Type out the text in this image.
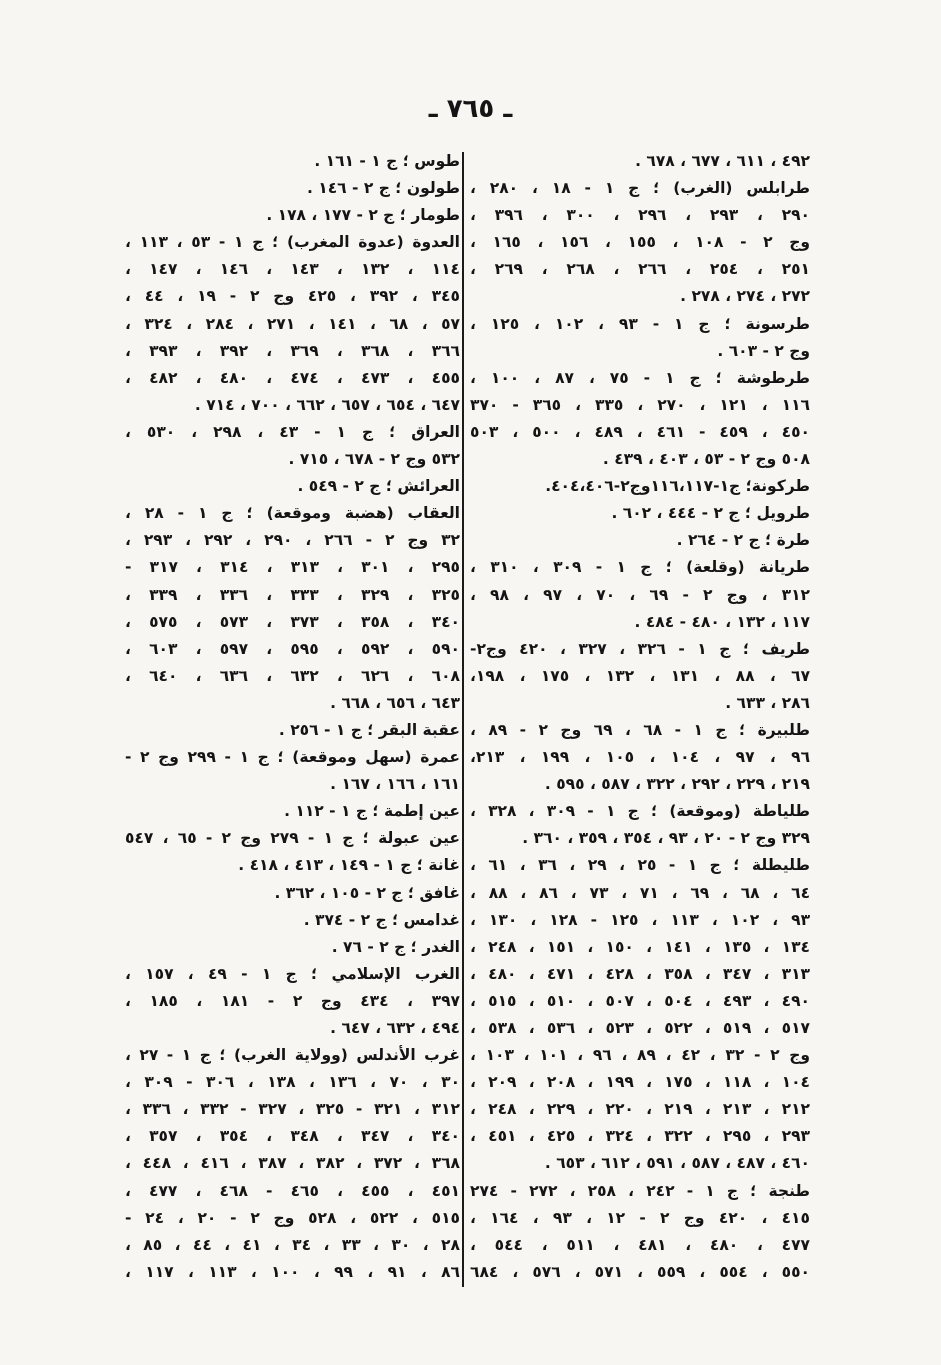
ـ ٧٦٥ ـ
٤٩٢ ، ٦١١ ، ٦٧٧ ، ٦٧٨ .
طرابلس (الغرب) ؛ ج ١ - ١٨ ، ٢٨٠ ،
٢٩٠ ، ٢٩٣ ، ٢٩٦ ، ٣٠٠ ، ٣٩٦ ،
وج ٢ - ١٠٨ ، ١٥٥ ، ١٥٦ ، ١٦٥ ،
٢٥١ ، ٢٥٤ ، ٢٦٦ ، ٢٦٨ ، ٢٦٩ ،
٢٧٢ ، ٢٧٤ ، ٢٧٨ .
طرسونة ؛ ج ١ - ٩٣ ، ١٠٢ ، ١٢٥ ،
وج ٢ - ٦٠٣ .
طرطوشة ؛ ج ١ - ٧٥ ، ٨٧ ، ١٠٠ ،
١١٦ ، ١٢١ ، ٢٧٠ ، ٣٣٥ ، ٣٦٥ - ٣٧٠
٤٥٠ ، ٤٥٩ - ٤٦١ ، ٤٨٩ ، ٥٠٠ ، ٥٠٣
٥٠٨ وج ٢ - ٥٣ ، ٤٠٣ ، ٤٣٩ .
طركونة؛ ج١-١١٦،١١٧وج٢-٤٠٤،٤٠٦.
طرويل ؛ ج ٢ - ٤٤٤ ، ٦٠٢ .
طرة ؛ ج ٢ - ٢٦٤ .
طريانة (وقلعة) ؛ ج ١ - ٣٠٩ ، ٣١٠ ،
٣١٢ ، وج ٢ - ٦٩ ، ٧٠ ، ٩٧ ، ٩٨ ،
١١٧ ، ١٣٢ ، ٤٨٠ - ٤٨٤ .
طريف ؛ ج ١ - ٣٢٦ ، ٣٢٧ ، ٤٢٠ وج٢-
٦٧ ، ٨٨ ، ١٣١ ، ١٣٢ ، ١٧٥ ، ١٩٨،
٢٨٦ ، ٦٣٣ .
طلبيرة ؛ ج ١ - ٦٨ ، ٦٩ وج ٢ - ٨٩ ،
٩٦ ، ٩٧ ، ١٠٤ ، ١٠٥ ، ١٩٩ ، ٢١٣،
٢١٩ ، ٢٢٩ ، ٢٩٢ ، ٣٢٢ ، ٥٨٧ ، ٥٩٥ .
طلياطة (وموقعة) ؛ ج ١ - ٣٠٩ ، ٣٢٨ ،
٣٢٩ وج ٢ - ٢٠ ، ٩٣ ، ٣٥٤ ، ٣٥٩ ، ٣٦٠ .
طليطلة ؛ ج ١ - ٢٥ ، ٢٩ ، ٣٦ ، ٦١ ،
٦٤ ، ٦٨ ، ٦٩ ، ٧١ ، ٧٣ ، ٨٦ ، ٨٨ ،
٩٣ ، ١٠٢ ، ١١٣ ، ١٢٥ - ١٢٨ ، ١٣٠ ،
١٣٤ ، ١٣٥ ، ١٤١ ، ١٥٠ ، ١٥١ ، ٢٤٨ ،
٣١٣ ، ٣٤٧ ، ٣٥٨ ، ٤٢٨ ، ٤٧١ ، ٤٨٠ ،
٤٩٠ ، ٤٩٣ ، ٥٠٤ ، ٥٠٧ ، ٥١٠ ، ٥١٥ ،
٥١٧ ، ٥١٩ ، ٥٢٢ ، ٥٢٣ ، ٥٣٦ ، ٥٣٨ ،
وج ٢ - ٣٢ ، ٤٢ ، ٨٩ ، ٩٦ ، ١٠١ ، ١٠٣ ،
١٠٤ ، ١١٨ ، ١٧٥ ، ١٩٩ ، ٢٠٨ ، ٢٠٩ ،
٢١٢ ، ٢١٣ ، ٢١٩ ، ٢٢٠ ، ٢٢٩ ، ٢٤٨ ،
٢٩٣ ، ٢٩٥ ، ٣٢٢ ، ٣٢٤ ، ٤٢٥ ، ٤٥١ ،
٤٦٠ ، ٤٨٧ ، ٥٨٧ ، ٥٩١ ، ٦١٢ ، ٦٥٣ .
طنجة ؛ ج ١ - ٢٤٢ ، ٢٥٨ ، ٢٧٢ - ٢٧٤
٤١٥ ، ٤٢٠ وج ٢ - ١٢ ، ٩٣ ، ١٦٤ ،
٤٧٧ ، ٤٨٠ ، ٤٨١ ، ٥١١ ، ٥٤٤ ،
٥٥٠ ، ٥٥٤ ، ٥٥٩ ، ٥٧١ ، ٥٧٦ ، ٦٨٤
طوس ؛ ج ١ - ١٦١ .
طولون ؛ ج ٢ - ١٤٦ .
طومار ؛ ج ٢ - ١٧٧ ، ١٧٨ .
العدوة (عدوة المغرب) ؛ ج ١ - ٥٣ ، ١١٣ ،
١١٤ ، ١٣٢ ، ١٤٣ ، ١٤٦ ، ١٤٧ ،
٣٤٥ ، ٣٩٢ ، ٤٢٥ وج ٢ - ١٩ ، ٤٤ ،
٥٧ ، ٦٨ ، ١٤١ ، ٢٧١ ، ٢٨٤ ، ٣٢٤ ،
٣٦٦ ، ٣٦٨ ، ٣٦٩ ، ٣٩٢ ، ٣٩٣ ،
٤٥٥ ، ٤٧٣ ، ٤٧٤ ، ٤٨٠ ، ٤٨٢ ،
٦٤٧ ، ٦٥٤ ، ٦٥٧ ، ٦٦٢ ، ٧٠٠ ، ٧١٤ .
العراق ؛ ج ١ - ٤٣ ، ٢٩٨ ، ٥٣٠ ،
٥٣٢ وج ٢ - ٦٧٨ ، ٧١٥ .
العرائش ؛ ج ٢ - ٥٤٩ .
العقاب (هضبة وموقعة) ؛ ج ١ - ٢٨ ،
٣٢ وج ٢ - ٢٦٦ ، ٢٩٠ ، ٢٩٢ ، ٢٩٣ ،
٢٩٥ ، ٣٠١ ، ٣١٣ ، ٣١٤ ، ٣١٧ -
٣٢٥ ، ٣٢٩ ، ٣٣٣ ، ٣٣٦ ، ٣٣٩ ،
٣٤٠ ، ٣٥٨ ، ٣٧٣ ، ٥٧٣ ، ٥٧٥ ،
٥٩٠ ، ٥٩٢ ، ٥٩٥ ، ٥٩٧ ، ٦٠٣ ،
٦٠٨ ، ٦٢٦ ، ٦٣٢ ، ٦٣٦ ، ٦٤٠ ،
٦٤٣ ، ٦٥٦ ، ٦٦٨ .
عقبة البقر ؛ ج ١ - ٢٥٦ .
عمرة (سهل وموقعة) ؛ ج ١ - ٢٩٩ وج ٢ -
١٦١ ، ١٦٦ ، ١٦٧ .
عين إطمة ؛ ج ١ - ١١٢ .
عين عبولة ؛ ج ١ - ٢٧٩ وج ٢ - ٦٥ ، ٥٤٧
غانة ؛ ج ١ - ١٤٩ ، ٤١٣ ، ٤١٨ .
غافق ؛ ج ٢ - ١٠٥ ، ٣٦٢ .
غدامس ؛ ج ٢ - ٣٧٤ .
الغدر ؛ ج ٢ - ٧٦ .
الغرب الإسلامي ؛ ج ١ - ٤٩ ، ١٥٧ ،
٣٩٧ ، ٤٣٤ وج ٢ - ١٨١ ، ١٨٥ ،
٤٩٤ ، ٦٣٢ ، ٦٤٧ .
غرب الأندلس (وولاية الغرب) ؛ ج ١ - ٢٧ ،
٣٠ ، ٧٠ ، ١٣٦ ، ١٣٨ ، ٣٠٦ - ٣٠٩ ،
٣١٢ ، ٣٢١ - ٣٢٥ ، ٣٢٧ - ٣٣٢ ، ٣٣٦ ،
٣٤٠ ، ٣٤٧ ، ٣٤٨ ، ٣٥٤ ، ٣٥٧ ،
٣٦٨ ، ٣٧٢ ، ٣٨٢ ، ٣٨٧ ، ٤١٦ ، ٤٤٨ ،
٤٥١ ، ٤٥٥ ، ٤٦٥ - ٤٦٨ ، ٤٧٧ ،
٥١٥ ، ٥٢٢ ، ٥٢٨ وج ٢ - ٢٠ ، ٢٤ -
٢٨ ، ٣٠ ، ٣٣ ، ٣٤ ، ٤١ ، ٤٤ ، ٨٥ ،
٨٦ ، ٩١ ، ٩٩ ، ١٠٠ ، ١١٣ ، ١١٧ ،
